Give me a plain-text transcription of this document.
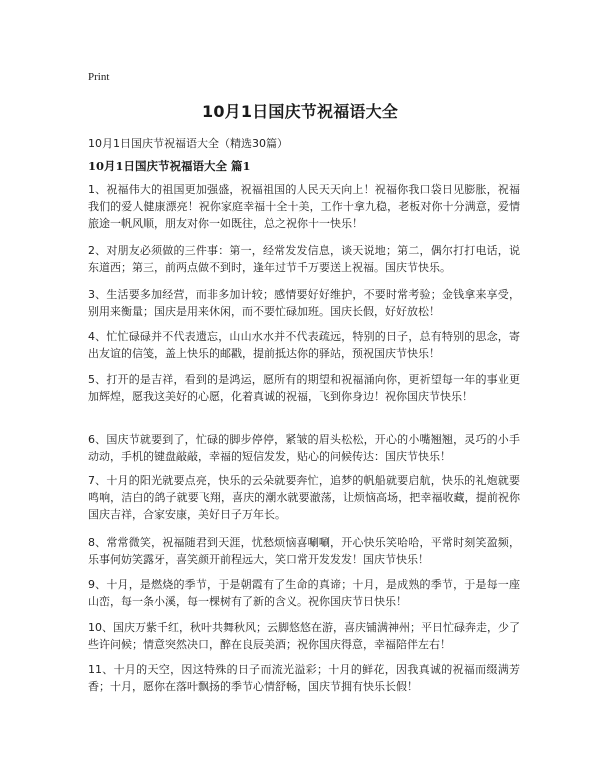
Print
10月1日国庆节祝福语大全
10月1日国庆节祝福语大全（精选30篇）
10月1日国庆节祝福语大全 篇1

1、祝福伟大的祖国更加强盛，祝福祖国的人民天天向上！祝福你我口袋日见膨胀，祝福我们的爱人健康漂亮！祝你家庭幸福十全十美，工作十拿九稳，老板对你十分满意，爱情旅途一帆风顺，朋友对你一如既往，总之祝你十一快乐！

2、对朋友必须做的三件事：第一，经常发发信息，谈天说地；第二，偶尔打打电话，说东道西；第三，前两点做不到时，逢年过节千万要送上祝福。国庆节快乐。

3、生活要多加经营，而非多加计较；感情要好好维护，不要时常考验；金钱拿来享受，别用来衡量；国庆是用来休闲，而不要忙碌加班。国庆长假，好好放松！

4、忙忙碌碌并不代表遗忘，山山水水并不代表疏远，特别的日子，总有特别的思念，寄出友谊的信笺，盖上快乐的邮戳，提前抵达你的驿站，预祝国庆节快乐！

5、打开的是吉祥，看到的是鸿运，愿所有的期望和祝福涌向你，更祈望每一年的事业更加辉煌，愿我这美好的心愿，化着真诚的祝福，飞到你身边！祝你国庆节快乐！

6、国庆节就要到了，忙碌的脚步停停，紧皱的眉头松松，开心的小嘴翘翘，灵巧的小手动动，手机的键盘敲敲，幸福的短信发发，贴心的问候传达：国庆节快乐！

7、十月的阳光就要点亮，快乐的云朵就要奔忙，追梦的帆船就要启航，快乐的礼炮就要鸣响，洁白的鸽子就要飞翔，喜庆的潮水就要澈荡，让烦恼高场，把幸福收藏，提前祝你国庆吉祥，合家安康，美好日子万年长。

8、常常微笑，祝福随君到天涯，忧愁烦恼喜唰唰，开心快乐笑哈哈，平常时刻笑盈频，乐事何妨笑露牙，喜笑颜开前程远大，笑口常开发发发！国庆节快乐！

9、十月，是燃烧的季节，于是朝霞有了生命的真谛；十月，是成熟的季节，于是每一座山峦，每一条小溪，每一棵树有了新的含义。祝你国庆节日快乐！

10、国庆万紫千红，秋叶共舞秋风；云脚悠悠在游，喜庆铺满神州；平日忙碌奔走，少了些许问候；情意突然决口，醉在良辰美酒；祝你国庆得意，幸福陪伴左右！

11、十月的天空，因这特殊的日子而流光溢彩；十月的鲜花，因我真诚的祝福而缀满芳香；十月，愿你在落叶飘扬的季节心情舒畅，国庆节拥有快乐长假！
